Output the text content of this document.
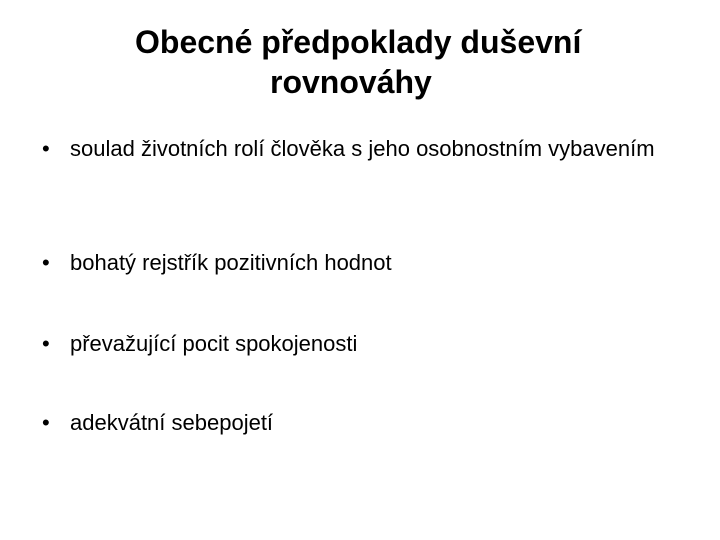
Obecné předpoklady duševní
rovnováhy
• soulad životních rolí člověka s jeho osobnostním vybavením
• bohatý rejstřík pozitivních hodnot
• převažující pocit spokojenosti
• adekvátní sebepojetí
